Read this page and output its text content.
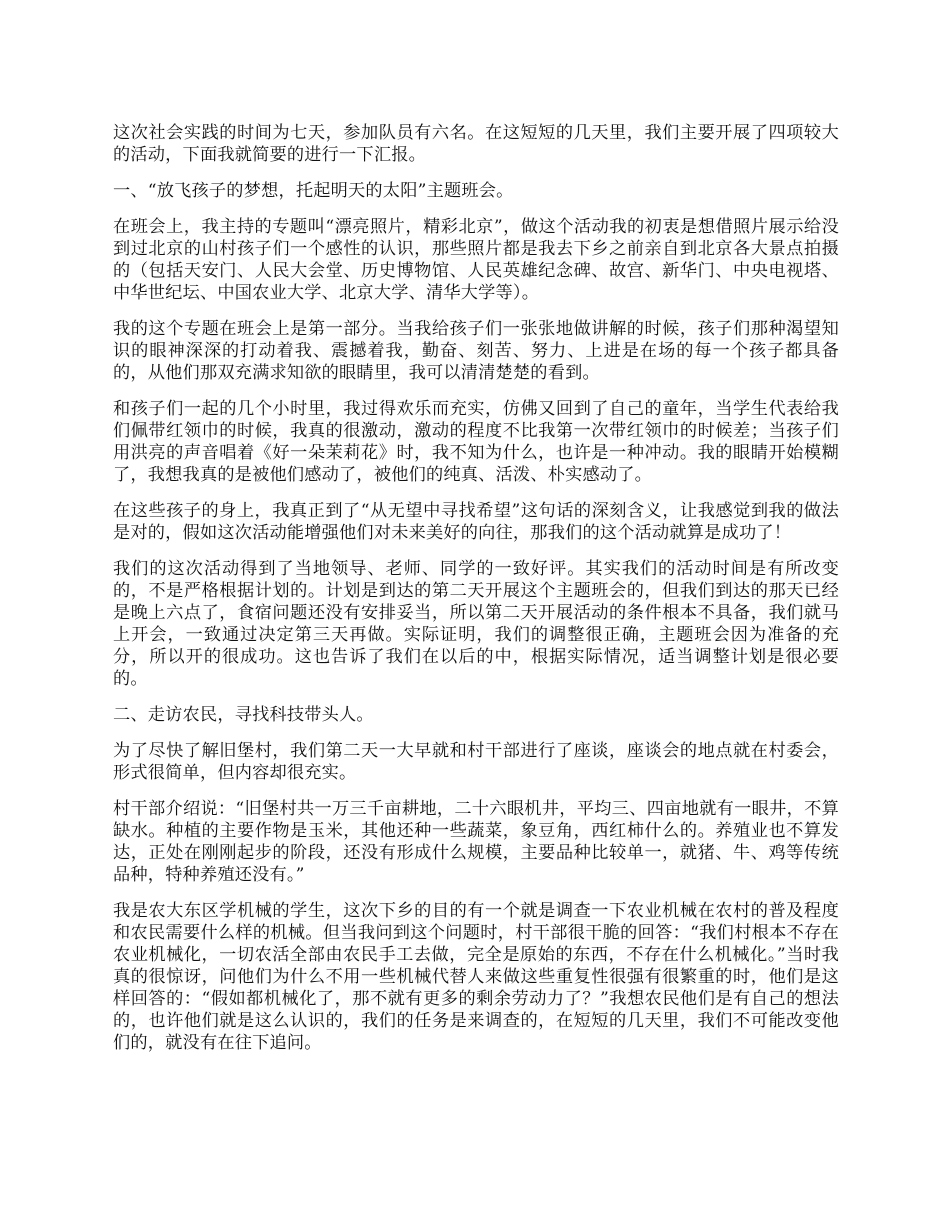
这次社会实践的时间为七天，参加队员有六名。在这短短的几天里，我们主要开展了四项较大的活动，下面我就简要的进行一下汇报。

一、“放飞孩子的梦想，托起明天的太阳”主题班会。

在班会上，我主持的专题叫“漂亮照片，精彩北京”，做这个活动我的初衷是想借照片展示给没到过北京的山村孩子们一个感性的认识，那些照片都是我去下乡之前亲自到北京各大景点拍摄的（包括天安门、人民大会堂、历史博物馆、人民英雄纪念碑、故宫、新华门、中央电视塔、中华世纪坛、中国农业大学、北京大学、清华大学等）。

我的这个专题在班会上是第一部分。当我给孩子们一张张地做讲解的时候，孩子们那种渴望知识的眼神深深的打动着我、震撼着我，勤奋、刻苦、努力、上进是在场的每一个孩子都具备的，从他们那双充满求知欲的眼睛里，我可以清清楚楚的看到。

和孩子们一起的几个小时里，我过得欢乐而充实，仿佛又回到了自己的童年，当学生代表给我们佩带红领巾的时候，我真的很激动，激动的程度不比我第一次带红领巾的时候差；当孩子们用洪亮的声音唱着《好一朵茉莉花》时，我不知为什么，也许是一种冲动。我的眼睛开始模糊了，我想我真的是被他们感动了，被他们的纯真、活泼、朴实感动了。

在这些孩子的身上，我真正到了“从无望中寻找希望”这句话的深刻含义，让我感觉到我的做法是对的，假如这次活动能增强他们对未来美好的向往，那我们的这个活动就算是成功了！

我们的这次活动得到了当地领导、老师、同学的一致好评。其实我们的活动时间是有所改变的，不是严格根据计划的。计划是到达的第二天开展这个主题班会的，但我们到达的那天已经是晚上六点了，食宿问题还没有安排妥当，所以第二天开展活动的条件根本不具备，我们就马上开会，一致通过决定第三天再做。实际证明，我们的调整很正确，主题班会因为准备的充分，所以开的很成功。这也告诉了我们在以后的中，根据实际情况，适当调整计划是很必要的。

二、走访农民，寻找科技带头人。

为了尽快了解旧堡村，我们第二天一大早就和村干部进行了座谈，座谈会的地点就在村委会，形式很简单，但内容却很充实。

村干部介绍说：“旧堡村共一万三千亩耕地，二十六眼机井，平均三、四亩地就有一眼井，不算缺水。种植的主要作物是玉米，其他还种一些蔬菜，象豆角，西红柿什么的。养殖业也不算发达，正处在刚刚起步的阶段，还没有形成什么规模，主要品种比较单一，就猪、牛、鸡等传统品种，特种养殖还没有。”

我是农大东区学机械的学生，这次下乡的目的有一个就是调查一下农业机械在农村的普及程度和农民需要什么样的机械。但当我问到这个问题时，村干部很干脆的回答：“我们村根本不存在农业机械化，一切农活全部由农民手工去做，完全是原始的东西，不存在什么机械化。”当时我真的很惊讶，问他们为什么不用一些机械代替人来做这些重复性很强有很繁重的时，他们是这样回答的：“假如都机械化了，那不就有更多的剩余劳动力了？”我想农民他们是有自己的想法的，也许他们就是这么认识的，我们的任务是来调查的，在短短的几天里，我们不可能改变他们的，就没有在往下追问。
